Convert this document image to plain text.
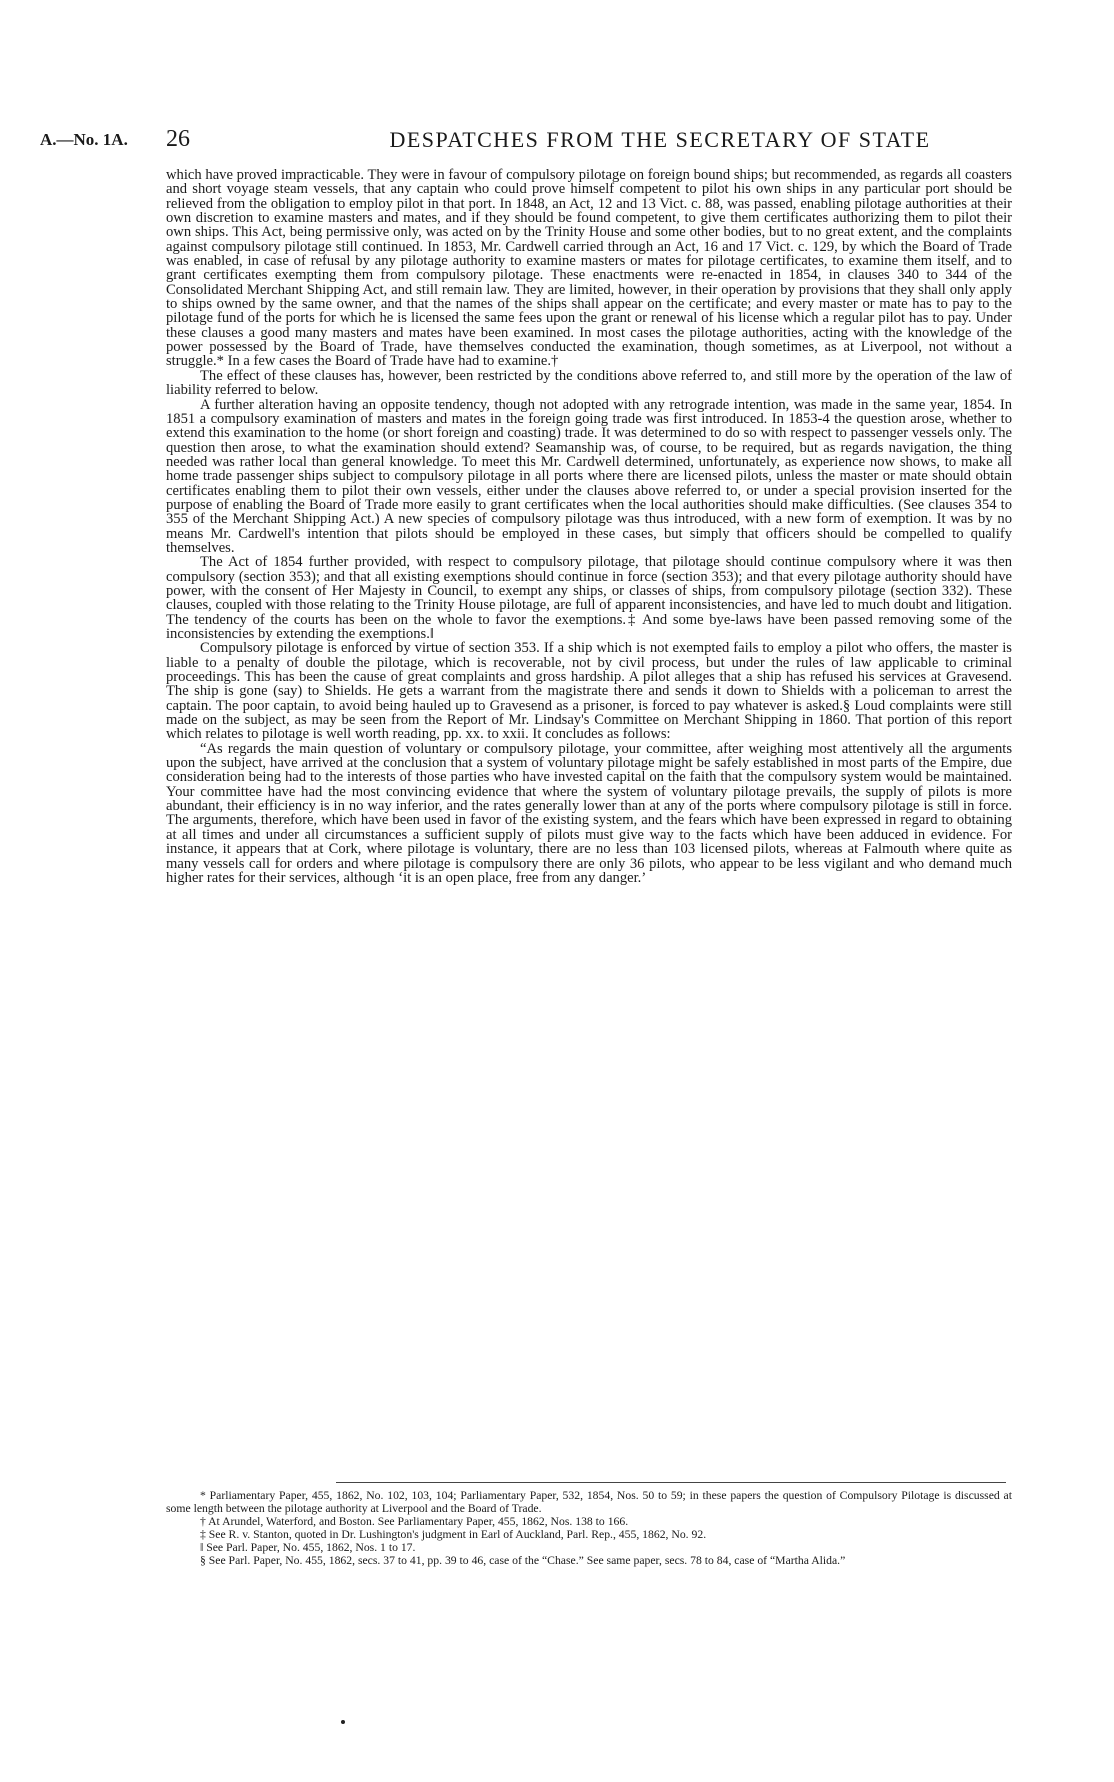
A.—No. 1A. 26	DESPATCHES FROM THE SECRETARY OF STATE

which have proved impracticable. They were in favour of compulsory pilotage on foreign bound ships; but recommended, as regards all coasters and short voyage steam vessels, that any captain who could prove himself competent to pilot his own ships in any particular port should be relieved from the obligation to employ pilot in that port. In 1848, an Act, 12 and 13 Vict. c. 88, was passed, enabling pilotage authorities at their own discretion to examine masters and mates, and if they should be found competent, to give them certificates authorizing them to pilot their own ships. This Act, being permissive only, was acted on by the Trinity House and some other bodies, but to no great extent, and the complaints against compulsory pilotage still continued. In 1853, Mr. Cardwell carried through an Act, 16 and 17 Vict. c. 129, by which the Board of Trade was enabled, in case of refusal by any pilotage authority to examine masters or mates for pilotage certificates, to examine them itself, and to grant certificates exempting them from compulsory pilotage. These enactments were re-enacted in 1854, in clauses 340 to 344 of the Consolidated Merchant Shipping Act, and still remain law. They are limited, however, in their operation by provisions that they shall only apply to ships owned by the same owner, and that the names of the ships shall appear on the certificate; and every master or mate has to pay to the pilotage fund of the ports for which he is licensed the same fees upon the grant or renewal of his license which a regular pilot has to pay. Under these clauses a good many masters and mates have been examined. In most cases the pilotage authorities, acting with the knowledge of the power possessed by the Board of Trade, have themselves conducted the examination, though sometimes, as at Liverpool, not without a struggle.* In a few cases the Board of Trade have had to examine.†

The effect of these clauses has, however, been restricted by the conditions above referred to, and still more by the operation of the law of liability referred to below.

A further alteration having an opposite tendency, though not adopted with any retrograde intention, was made in the same year, 1854. In 1851 a compulsory examination of masters and mates in the foreign going trade was first introduced. In 1853-4 the question arose, whether to extend this examination to the home (or short foreign and coasting) trade. It was determined to do so with respect to passenger vessels only. The question then arose, to what the examination should extend? Seamanship was, of course, to be required, but as regards navigation, the thing needed was rather local than general knowledge. To meet this Mr. Cardwell determined, unfortunately, as experience now shows, to make all home trade passenger ships subject to compulsory pilotage in all ports where there are licensed pilots, unless the master or mate should obtain certificates enabling them to pilot their own vessels, either under the clauses above referred to, or under a special provision inserted for the purpose of enabling the Board of Trade more easily to grant certificates when the local authorities should make difficulties. (See clauses 354 to 355 of the Merchant Shipping Act.) A new species of compulsory pilotage was thus introduced, with a new form of exemption. It was by no means Mr. Cardwell's intention that pilots should be employed in these cases, but simply that officers should be compelled to qualify themselves.

The Act of 1854 further provided, with respect to compulsory pilotage, that pilotage should continue compulsory where it was then compulsory (section 353); and that all existing exemptions should continue in force (section 353); and that every pilotage authority should have power, with the consent of Her Majesty in Council, to exempt any ships, or classes of ships, from compulsory pilotage (section 332). These clauses, coupled with those relating to the Trinity House pilotage, are full of apparent inconsistencies, and have led to much doubt and litigation. The tendency of the courts has been on the whole to favor the exemptions.‡ And some bye-laws have been passed removing some of the inconsistencies by extending the exemptions.‖

Compulsory pilotage is enforced by virtue of section 353. If a ship which is not exempted fails to employ a pilot who offers, the master is liable to a penalty of double the pilotage, which is recoverable, not by civil process, but under the rules of law applicable to criminal proceedings. This has been the cause of great complaints and gross hardship. A pilot alleges that a ship has refused his services at Gravesend. The ship is gone (say) to Shields. He gets a warrant from the magistrate there and sends it down to Shields with a policeman to arrest the captain. The poor captain, to avoid being hauled up to Gravesend as a prisoner, is forced to pay whatever is asked.§ Loud complaints were still made on the subject, as may be seen from the Report of Mr. Lindsay's Committee on Merchant Shipping in 1860. That portion of this report which relates to pilotage is well worth reading, pp. xx. to xxii. It concludes as follows:

“As regards the main question of voluntary or compulsory pilotage, your committee, after weighing most attentively all the arguments upon the subject, have arrived at the conclusion that a system of voluntary pilotage might be safely established in most parts of the Empire, due consideration being had to the interests of those parties who have invested capital on the faith that the compulsory system would be maintained. Your committee have had the most convincing evidence that where the system of voluntary pilotage prevails, the supply of pilots is more abundant, their efficiency is in no way inferior, and the rates generally lower than at any of the ports where compulsory pilotage is still in force. The arguments, therefore, which have been used in favor of the existing system, and the fears which have been expressed in regard to obtaining at all times and under all circumstances a sufficient supply of pilots must give way to the facts which have been adduced in evidence. For instance, it appears that at Cork, where pilotage is voluntary, there are no less than 103 licensed pilots, whereas at Falmouth where quite as many vessels call for orders and where pilotage is compulsory there are only 36 pilots, who appear to be less vigilant and who demand much higher rates for their services, although ‘it is an open place, free from any danger.’

* Parliamentary Paper, 455, 1862, No. 102, 103, 104; Parliamentary Paper, 532, 1854, Nos. 50 to 59; in these papers the question of Compulsory Pilotage is discussed at some length between the pilotage authority at Liverpool and the Board of Trade.

† At Arundel, Waterford, and Boston. See Parliamentary Paper, 455, 1862, Nos. 138 to 166.

‡ See R. v. Stanton, quoted in Dr. Lushington's judgment in Earl of Auckland, Parl. Rep., 455, 1862, No. 92.

‖ See Parl. Paper, No. 455, 1862, Nos. 1 to 17.

§ See Parl. Paper, No. 455, 1862, secs. 37 to 41, pp. 39 to 46, case of the “Chase.” See same paper, secs. 78 to 84, case of “Martha Alida.”
